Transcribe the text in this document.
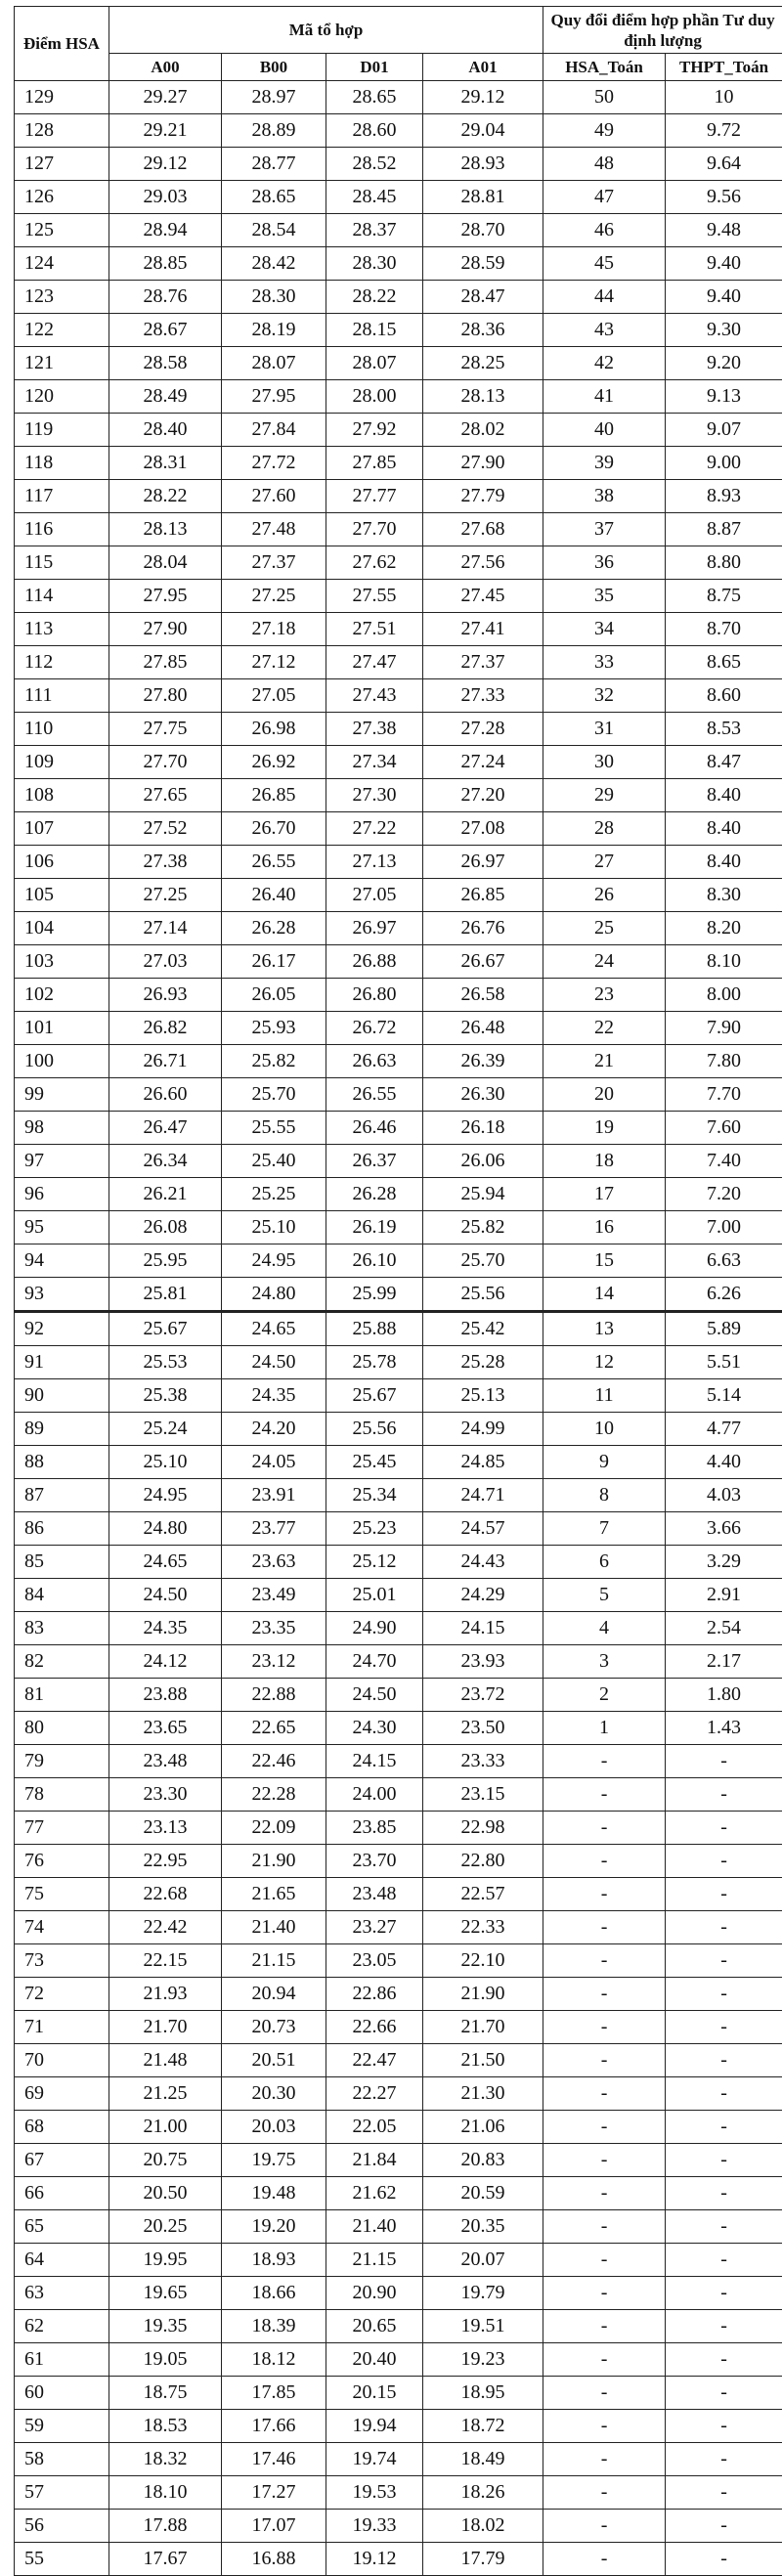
Điểm HSA	Mã tổ hợp				Quy đổi điểm hợp phần Tư duy định lượng	
	A00	B00	D01	A01	HSA_Toán	THPT_Toán
129	29.27	28.97	28.65	29.12	50	10
128	29.21	28.89	28.60	29.04	49	9.72
127	29.12	28.77	28.52	28.93	48	9.64
126	29.03	28.65	28.45	28.81	47	9.56
125	28.94	28.54	28.37	28.70	46	9.48
124	28.85	28.42	28.30	28.59	45	9.40
123	28.76	28.30	28.22	28.47	44	9.40
122	28.67	28.19	28.15	28.36	43	9.30
121	28.58	28.07	28.07	28.25	42	9.20
120	28.49	27.95	28.00	28.13	41	9.13
119	28.40	27.84	27.92	28.02	40	9.07
118	28.31	27.72	27.85	27.90	39	9.00
117	28.22	27.60	27.77	27.79	38	8.93
116	28.13	27.48	27.70	27.68	37	8.87
115	28.04	27.37	27.62	27.56	36	8.80
114	27.95	27.25	27.55	27.45	35	8.75
113	27.90	27.18	27.51	27.41	34	8.70
112	27.85	27.12	27.47	27.37	33	8.65
111	27.80	27.05	27.43	27.33	32	8.60
110	27.75	26.98	27.38	27.28	31	8.53
109	27.70	26.92	27.34	27.24	30	8.47
108	27.65	26.85	27.30	27.20	29	8.40
107	27.52	26.70	27.22	27.08	28	8.40
106	27.38	26.55	27.13	26.97	27	8.40
105	27.25	26.40	27.05	26.85	26	8.30
104	27.14	26.28	26.97	26.76	25	8.20
103	27.03	26.17	26.88	26.67	24	8.10
102	26.93	26.05	26.80	26.58	23	8.00
101	26.82	25.93	26.72	26.48	22	7.90
100	26.71	25.82	26.63	26.39	21	7.80
99	26.60	25.70	26.55	26.30	20	7.70
98	26.47	25.55	26.46	26.18	19	7.60
97	26.34	25.40	26.37	26.06	18	7.40
96	26.21	25.25	26.28	25.94	17	7.20
95	26.08	25.10	26.19	25.82	16	7.00
94	25.95	24.95	26.10	25.70	15	6.63
93	25.81	24.80	25.99	25.56	14	6.26
92	25.67	24.65	25.88	25.42	13	5.89
91	25.53	24.50	25.78	25.28	12	5.51
90	25.38	24.35	25.67	25.13	11	5.14
89	25.24	24.20	25.56	24.99	10	4.77
88	25.10	24.05	25.45	24.85	9	4.40
87	24.95	23.91	25.34	24.71	8	4.03
86	24.80	23.77	25.23	24.57	7	3.66
85	24.65	23.63	25.12	24.43	6	3.29
84	24.50	23.49	25.01	24.29	5	2.91
83	24.35	23.35	24.90	24.15	4	2.54
82	24.12	23.12	24.70	23.93	3	2.17
81	23.88	22.88	24.50	23.72	2	1.80
80	23.65	22.65	24.30	23.50	1	1.43
79	23.48	22.46	24.15	23.33	-	-
78	23.30	22.28	24.00	23.15	-	-
77	23.13	22.09	23.85	22.98	-	-
76	22.95	21.90	23.70	22.80	-	-
75	22.68	21.65	23.48	22.57	-	-
74	22.42	21.40	23.27	22.33	-	-
73	22.15	21.15	23.05	22.10	-	-
72	21.93	20.94	22.86	21.90	-	-
71	21.70	20.73	22.66	21.70	-	-
70	21.48	20.51	22.47	21.50	-	-
69	21.25	20.30	22.27	21.30	-	-
68	21.00	20.03	22.05	21.06	-	-
67	20.75	19.75	21.84	20.83	-	-
66	20.50	19.48	21.62	20.59	-	-
65	20.25	19.20	21.40	20.35	-	-
64	19.95	18.93	21.15	20.07	-	-
63	19.65	18.66	20.90	19.79	-	-
62	19.35	18.39	20.65	19.51	-	-
61	19.05	18.12	20.40	19.23	-	-
60	18.75	17.85	20.15	18.95	-	-
59	18.53	17.66	19.94	18.72	-	-
58	18.32	17.46	19.74	18.49	-	-
57	18.10	17.27	19.53	18.26	-	-
56	17.88	17.07	19.33	18.02	-	-
55	17.67	16.88	19.12	17.79	-	-
